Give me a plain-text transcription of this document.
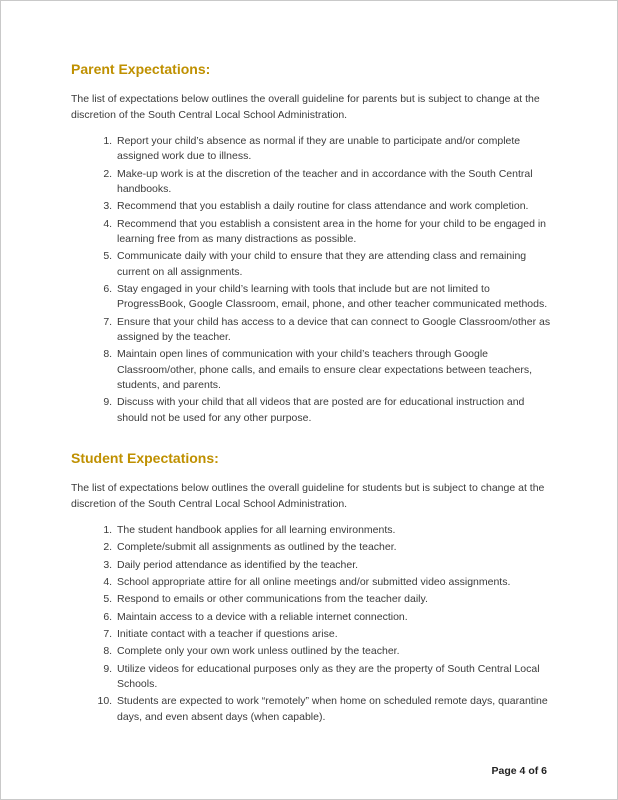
Parent Expectations:

The list of expectations below outlines the overall guideline for parents but is subject to change at the discretion of the South Central Local School Administration.

1. Report your child’s absence as normal if they are unable to participate and/or complete assigned work due to illness.
2. Make-up work is at the discretion of the teacher and in accordance with the South Central handbooks.
3. Recommend that you establish a daily routine for class attendance and work completion.
4. Recommend that you establish a consistent area in the home for your child to be engaged in learning free from as many distractions as possible.
5. Communicate daily with your child to ensure that they are attending class and remaining current on all assignments.
6. Stay engaged in your child’s learning with tools that include but are not limited to ProgressBook, Google Classroom, email, phone, and other teacher communicated methods.
7. Ensure that your child has access to a device that can connect to Google Classroom/other as assigned by the teacher.
8. Maintain open lines of communication with your child’s teachers through Google Classroom/other, phone calls, and emails to ensure clear expectations between teachers, students, and parents.
9. Discuss with your child that all videos that are posted are for educational instruction and should not be used for any other purpose.
Student Expectations:

The list of expectations below outlines the overall guideline for students but is subject to change at the discretion of the South Central Local School Administration.

1. The student handbook applies for all learning environments.
2. Complete/submit all assignments as outlined by the teacher.
3. Daily period attendance as identified by the teacher.
4. School appropriate attire for all online meetings and/or submitted video assignments.
5. Respond to emails or other communications from the teacher daily.
6. Maintain access to a device with a reliable internet connection.
7. Initiate contact with a teacher if questions arise.
8. Complete only your own work unless outlined by the teacher.
9. Utilize videos for educational purposes only as they are the property of South Central Local Schools.
10. Students are expected to work “remotely” when home on scheduled remote days, quarantine days, and even absent days (when capable).
Page 4 of 6
